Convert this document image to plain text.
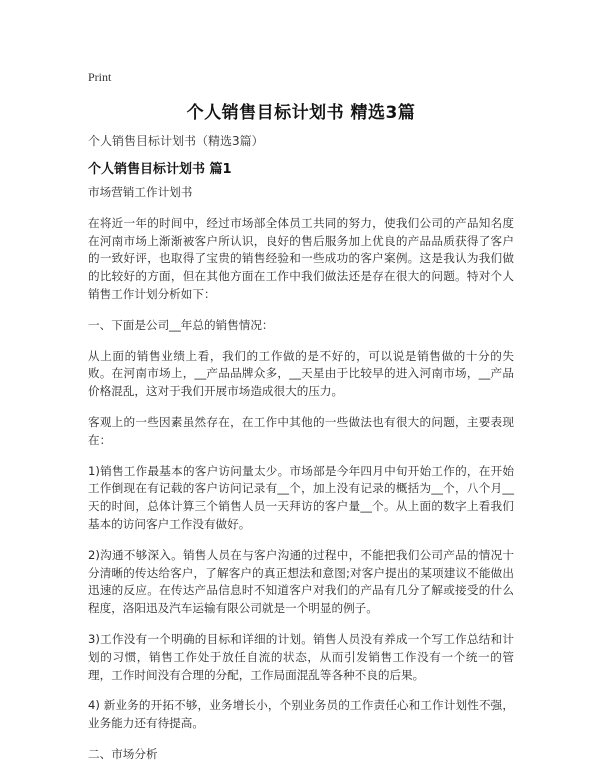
Print
个人销售目标计划书 精选3篇
个人销售目标计划书（精选3篇）
个人销售目标计划书 篇1

市场营销工作计划书

在将近一年的时间中，经过市场部全体员工共同的努力，使我们公司的产品知名度在河南市场上渐渐被客户所认识，良好的售后服务加上优良的产品品质获得了客户的一致好评，也取得了宝贵的销售经验和一些成功的客户案例。这是我认为我们做的比较好的方面，但在其他方面在工作中我们做法还是存在很大的问题。特对个人销售工作计划分析如下：

一、下面是公司__年总的销售情况：

从上面的销售业绩上看，我们的工作做的是不好的，可以说是销售做的十分的失败。在河南市场上，__产品品牌众多，__天星由于比较早的进入河南市场，__产品价格混乱，这对于我们开展市场造成很大的压力。

客观上的一些因素虽然存在，在工作中其他的一些做法也有很大的问题，主要表现在：

1)销售工作最基本的客户访问量太少。市场部是今年四月中旬开始工作的，在开始工作倒现在有记载的客户访问记录有__个，加上没有记录的概括为__个，八个月__天的时间，总体计算三个销售人员一天拜访的客户量__个。从上面的数字上看我们基本的访问客户工作没有做好。

2)沟通不够深入。销售人员在与客户沟通的过程中，不能把我们公司产品的情况十分清晰的传达给客户，了解客户的真正想法和意图;对客户提出的某项建议不能做出迅速的反应。在传达产品信息时不知道客户对我们的产品有几分了解或接受的什么程度，洛阳迅及汽车运输有限公司就是一个明显的例子。

3)工作没有一个明确的目标和详细的计划。销售人员没有养成一个写工作总结和计划的习惯，销售工作处于放任自流的状态，从而引发销售工作没有一个统一的管理，工作时间没有合理的分配，工作局面混乱等各种不良的后果。

4) 新业务的开拓不够，业务增长小，个别业务员的工作责任心和工作计划性不强，业务能力还有待提高。

二、市场分析
